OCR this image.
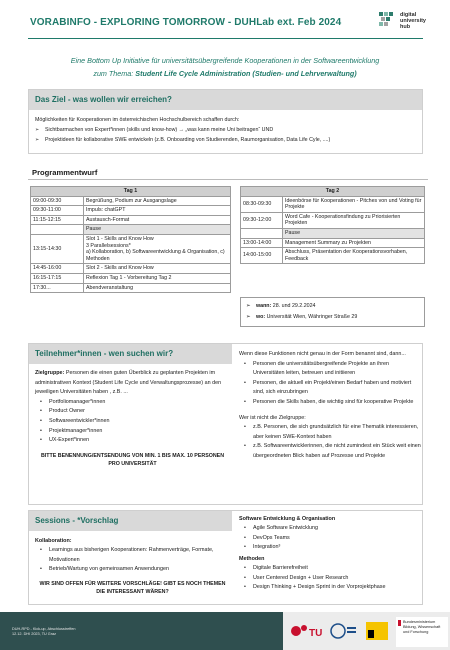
VORABINFO - EXPLORING TOMORROW - DUHLab ext. Feb 2024
digital
university
hub
Eine Bottom Up Initiative für universitätsübergreifende Kooperationen in der Softwareentwicklung
zum Thema: Student Life Cycle Administration (Studien- und Lehrverwaltung)
Das Ziel - was wollen wir erreichen?
Möglichkeiten für Kooperationen im österreichischen Hochschulbereich schaffen durch:
➢	Sichtbarmachen von Expert*innen (skills und know-how) → „was kann meine Uni beitragen“ UND
➢	Projektideen für kollaborative SWE entwickeln (z.B. Onboarding von Studierenden, Raumorganisation, Data Life Cyle, ....)
Programmentwurf
Tag 1	
09:00-09:30	Begrüßung, Podium zur Ausgangslage
09:30-11:00	Impuls: chatGPT
11:15-12:15	Austausch-Format
	Pause
13:15-14:30	Slot 1 - Skills and Know How
3 Parallelsessions*
a) Kollaboration, b) Softwareentwicklung & Organisation, c) Methoden
14:45-16:00	Slot 2 - Skills and Know How
16:15-17:15	Reflexion Tag 1 - Vorbereitung Tag 2
17:30...	Abendveranstaltung
Tag 2	
08:30-09:30	Ideenbörse für Kooperationen - Pitches von und Voting für Projekte
09:30-12:00	Word Cafe - Kooperationsfindung zu Priorisierten Projekten
	Pause
13:00-14:00	Management Summary zu Projekten
14:00-15:00	Abschluss, Präsentation der Kooperationsvorhaben, Feedback
➢ wann: 28. und 29.2.2024
➢ wo: Universität Wien, Währinger Straße 29
Teilnehmer*innen - wen suchen wir?
Zielgruppe: Personen die einen guten Überblick zu geplanten Projekten im administrativen Kontext (Student Life Cycle und Verwaltungsprozesse) an den jeweiligen Universitäten haben , z.B. ...
• Portfoliomanager*innen
• Product Owner
• Softwareentwickler*innen
• Projektmanager*innen
• UX-Expert*innen
BITTE BENENNUNG/ENTSENDUNG VON MIN. 1 BIS MAX. 10 PERSONEN PRO UNIVERSITÄT
Wenn diese Funktionen nicht genau in der Form benannt sind, dann...
• Personen die universitätsübergreifende Projekte an ihren Universitäten leiten, betreuen und initiieren
• Personen, die aktuell ein Projekt/einen Bedarf haben und motiviert sind, sich einzubringen
• Personen die Skills haben, die wichtig sind für kooperative Projekte
Wer ist nicht die Zielgruppe:
• z.B. Personen, die sich grundsätzlich für eine Thematik interessieren, aber keinen SWE-Kontext haben
• z.B. Softwareentwicklerinnen, die nicht zumindest ein Stück weit einen übergeordneten Blick haben auf Prozesse und Projekte
Sessions - *Vorschlag
Kollaboration:
• Learnings aus bisherigen Kooperationen: Rahmenverträge, Formate, Motivationen
• Betrieb/Wartung von gemeinsamen Anwendungen
WIR SIND OFFEN FÜR WEITERE VORSCHLÄGE! GIBT ES NOCH THEMEN DIE INTERESSANT WÄREN?
Software Entwicklung & Organisation
• Agile Software Entwicklung
• DevOps Teams
• Integration³
Methoden
• Digitale Barrierefreiheit
• User Centered Design + User Research
• Design Thinking + Design Sprint in der Vorprojektphase
DUH-RPD - Kick-up, Abschlusstreffen
12.12. DHI 2023, TU Graz	TU
Bundesministerium Bildung, Wissenschaft und Forschung
